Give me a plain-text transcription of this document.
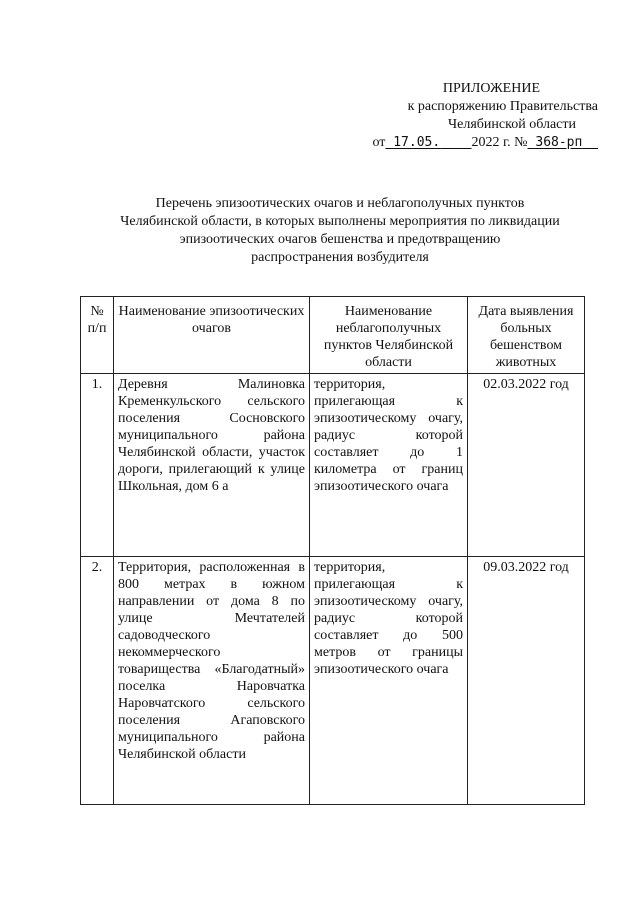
ПРИЛОЖЕНИЕ
к распоряжению Правительства
Челябинской области
от 17.05. 2022 г. № 368-рп
Перечень эпизоотических очагов и неблагополучных пунктов
Челябинской области, в которых выполнены мероприятия по ликвидации
эпизоотических очагов бешенства и предотвращению
распространения возбудителя
№ п/п	Наименование эпизоотических очагов	Наименование неблагополучных пунктов Челябинской области	Дата выявления больных бешенством животных
1.	Деревня Малиновка Кременкульского сельского поселения Сосновского муниципального района Челябинской области, участок дороги, прилегающий к улице Школьная, дом 6 а	территория, прилегающая к эпизоотическому очагу, радиус которой составляет до 1 километра от границ эпизоотического очага	02.03.2022 год
2.	Территория, расположенная в 800 метрах в южном направлении от дома 8 по улице Мечтателей садоводческого некоммерческого товарищества «Благодатный» поселка Наровчатка Наровчатского сельского поселения Агаповского муниципального района Челябинской области	территория, прилегающая к эпизоотическому очагу, радиус которой составляет до 500 метров от границы эпизоотического очага	09.03.2022 год
